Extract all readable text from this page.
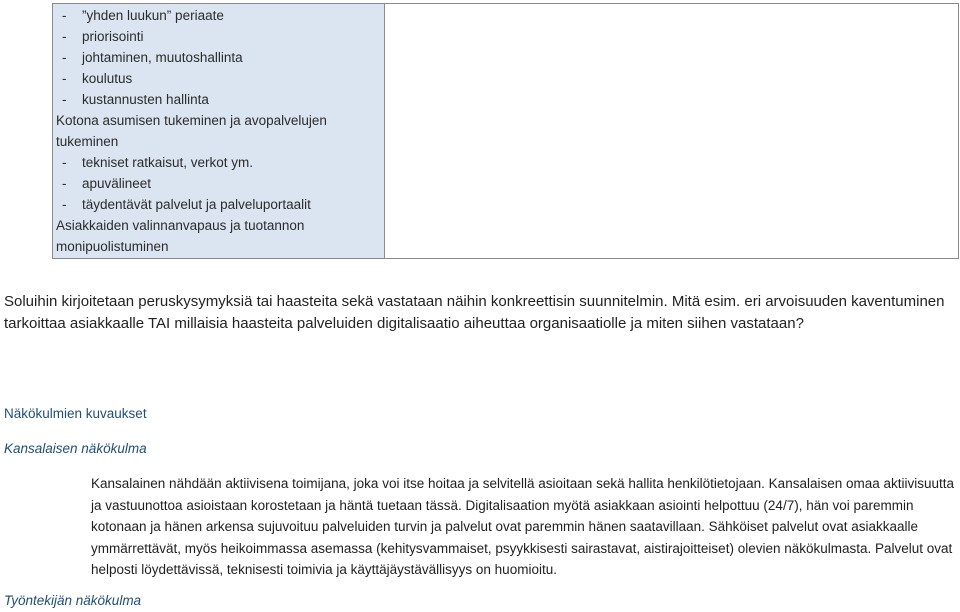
-	”yhden luukun” periaate
-	priorisointi
-	johtaminen, muutoshallinta
-	koulutus
-	kustannusten hallinta
Kotona asumisen tukeminen ja avopalvelujen
tukeminen
-	tekniset ratkaisut, verkot ym.
-	apuvälineet
-	täydentävät palvelut ja palveluportaalit
Asiakkaiden valinnanvapaus ja tuotannon
monipuolistuminen
Soluihin kirjoitetaan peruskysymyksiä tai haasteita sekä vastataan näihin konkreettisin suunnitelmin. Mitä esim. eri arvoisuuden kaventuminen tarkoittaa asiakkaalle TAI millaisia haasteita palveluiden digitalisaatio aiheuttaa organisaatiolle ja miten siihen vastataan?
Näkökulmien kuvaukset
Kansalaisen näkökulma
Kansalainen nähdään aktiivisena toimijana, joka voi itse hoitaa ja selvitellä asioitaan sekä hallita henkilötietojaan. Kansalaisen omaa aktiivisuutta ja vastuunottoa asioistaan korostetaan ja häntä tuetaan tässä. Digitalisaation myötä asiakkaan asiointi helpottuu (24/7), hän voi paremmin kotonaan ja hänen arkensa sujuvoituu palveluiden turvin ja palvelut ovat paremmin hänen saatavillaan. Sähköiset palvelut ovat asiakkaalle ymmärrettävät, myös heikoimmassa asemassa (kehitysvammaiset, psyykkisesti sairastavat, aistirajoitteiset) olevien näkökulmasta. Palvelut ovat helposti löydettävissä, teknisesti toimivia ja käyttäjäystävällisyys on huomioitu.
Työntekijän näkökulma
